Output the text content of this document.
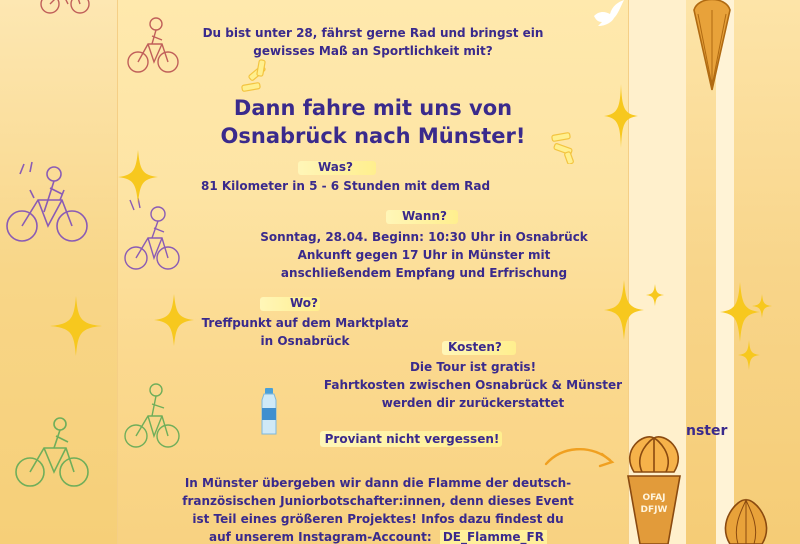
Du bist unter 28, fährst gerne Rad und bringst ein
gewisses Maß an Sportlichkeit mit?
Dann fahre mit uns von
Osnabrück nach Münster!
Was?
81 Kilometer in 5 - 6 Stunden mit dem Rad
Wann?
Sonntag, 28.04. Beginn: 10:30 Uhr in Osnabrück
Ankunft gegen 17 Uhr in Münster mit
anschließendem Empfang und Erfrischung
Wo?
Treffpunkt auf dem Marktplatz
in Osnabrück	Kosten?
Die Tour ist gratis!
Fahrtkosten zwischen Osnabrück & Münster
werden dir zurückerstattet
Proviant nicht vergessen!
In Münster übergeben wir dann die Flamme der deutsch-
französischen Juniorbotschafter:innen, denn dieses Event
ist Teil eines größeren Projektes! Infos dazu findest du
auf unserem Instagram-Account: DE_Flamme_FR
nster
OFAJ
DFJW
